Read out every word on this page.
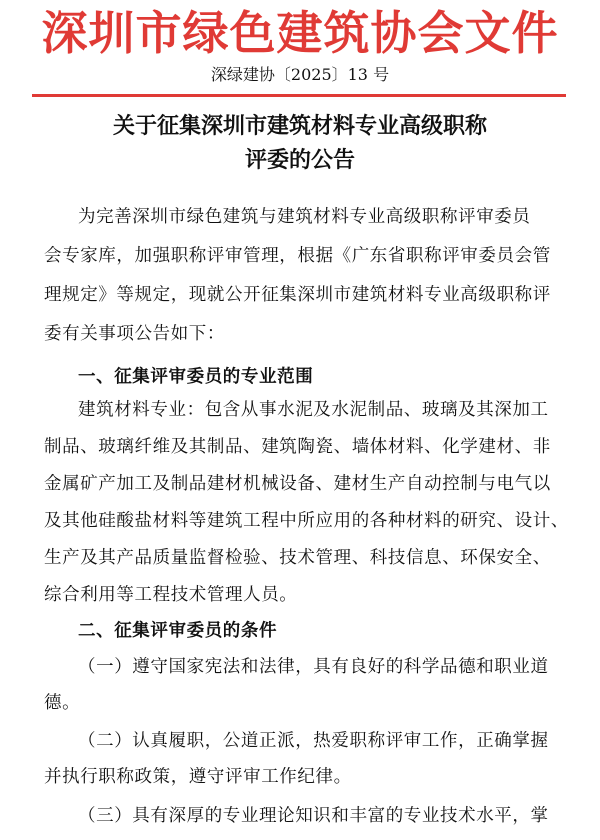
深圳市绿色建筑协会文件
深绿建协〔2025〕13 号
关于征集深圳市建筑材料专业高级职称
评委的公告
为完善深圳市绿色建筑与建筑材料专业高级职称评审委员
会专家库，加强职称评审管理，根据《广东省职称评审委员会管
理规定》等规定，现就公开征集深圳市建筑材料专业高级职称评
委有关事项公告如下：
一、征集评审委员的专业范围
建筑材料专业：包含从事水泥及水泥制品、玻璃及其深加工
制品、玻璃纤维及其制品、建筑陶瓷、墙体材料、化学建材、非
金属矿产加工及制品建材机械设备、建材生产自动控制与电气以
及其他硅酸盐材料等建筑工程中所应用的各种材料的研究、设计、
生产及其产品质量监督检验、技术管理、科技信息、环保安全、
综合利用等工程技术管理人员。
二、征集评审委员的条件
（一）遵守国家宪法和法律，具有良好的科学品德和职业道
德。
（二）认真履职，公道正派，热爱职称评审工作，正确掌握
并执行职称政策，遵守评审工作纪律。
（三）具有深厚的专业理论知识和丰富的专业技术水平，掌
